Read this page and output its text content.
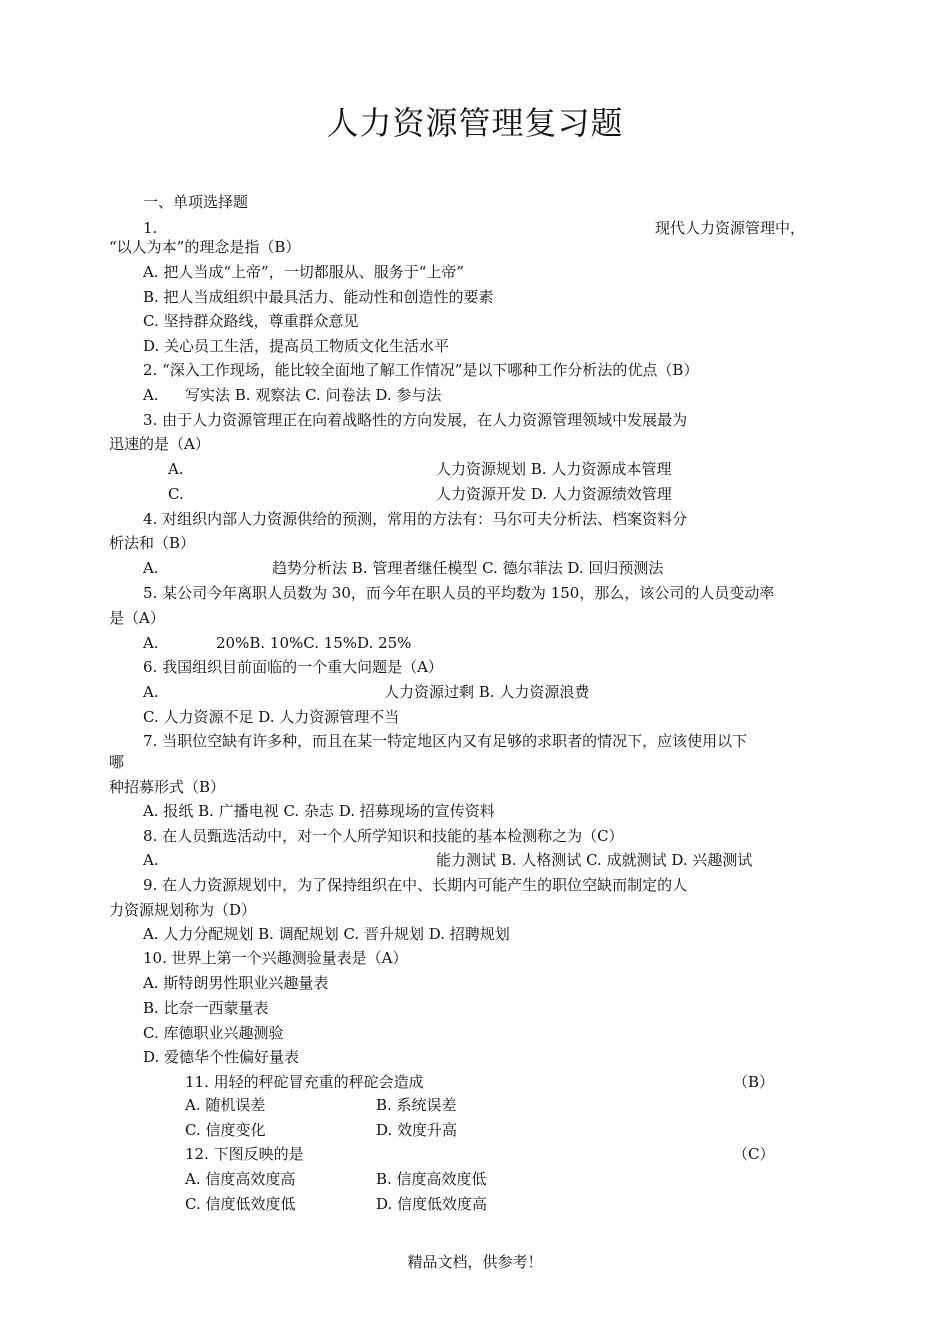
人力资源管理复习题
一、单项选择题
1.	现代人力资源管理中，
“以人为本”的理念是指（B）
A. 把人当成“上帝”，一切都服从、服务于“上帝”
B. 把人当成组织中最具活力、能动性和创造性的要素
C. 坚持群众路线，尊重群众意见
D. 关心员工生活，提高员工物质文化生活水平
2. “深入工作现场，能比较全面地了解工作情况”是以下哪种工作分析法的优点（B）
A. 写实法 B. 观察法 C. 问卷法 D. 参与法
3. 由于人力资源管理正在向着战略性的方向发展，在人力资源管理领域中发展最为
迅速的是（A）
A.	人力资源规划 B. 人力资源成本管理
C.	人力资源开发 D. 人力资源绩效管理
4. 对组织内部人力资源供给的预测，常用的方法有：马尔可夫分析法、档案资料分
析法和（B）
A.	趋势分析法 B. 管理者继任模型 C. 德尔菲法 D. 回归预测法
5. 某公司今年离职人员数为 30，而今年在职人员的平均数为 150，那么，该公司的人员变动率
是（A）
A.	20%B. 10%C. 15%D. 25%
6. 我国组织目前面临的一个重大问题是（A）
A.	人力资源过剩 B. 人力资源浪费
C. 人力资源不足 D. 人力资源管理不当
7. 当职位空缺有许多种，而且在某一特定地区内又有足够的求职者的情况下，应该使用以下
哪
种招募形式（B）
A. 报纸 B. 广播电视 C. 杂志 D. 招募现场的宣传资料
8. 在人员甄选活动中，对一个人所学知识和技能的基本检测称之为（C）
A.	能力测试 B. 人格测试 C. 成就测试 D. 兴趣测试
9. 在人力资源规划中，为了保持组织在中、长期内可能产生的职位空缺而制定的人
力资源规划称为（D）
A. 人力分配规划 B. 调配规划 C. 晋升规划 D. 招聘规划
10. 世界上第一个兴趣测验量表是（A）
A. 斯特朗男性职业兴趣量表
B. 比奈一西蒙量表
C. 库德职业兴趣测验
D. 爱德华个性偏好量表
11. 用轻的秤砣冒充重的秤砣会造成	（B）
A. 随机误差	B. 系统误差
C. 信度变化	D. 效度升高
12. 下图反映的是	（C）
A. 信度高效度高	B. 信度高效度低
C. 信度低效度低	D. 信度低效度高
精品文档，供参考！
